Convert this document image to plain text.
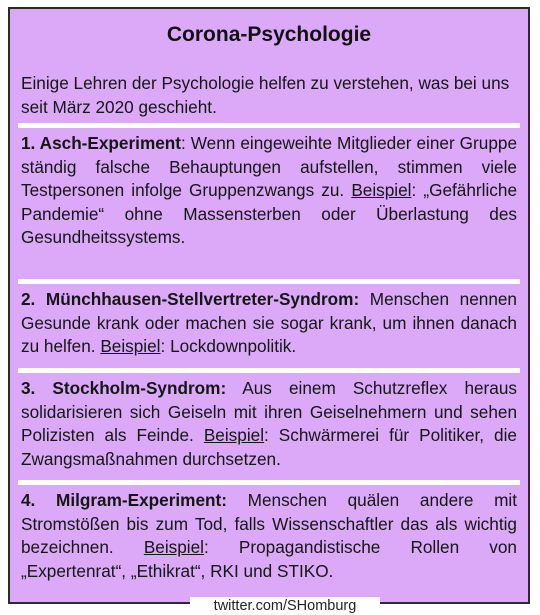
Corona-Psychologie

Einige Lehren der Psychologie helfen zu verstehen, was bei uns seit März 2020 geschieht.

1. Asch-Experiment: Wenn eingeweihte Mitglieder einer Gruppe ständig falsche Behauptungen aufstellen, stimmen viele Testpersonen infolge Gruppenzwangs zu. Beispiel: „Gefährliche Pandemie“ ohne Massensterben oder Überlastung des Gesundheitssystems.

2. Münchhausen-Stellvertreter-Syndrom: Menschen nennen Gesunde krank oder machen sie sogar krank, um ihnen danach zu helfen. Beispiel: Lockdownpolitik.

3. Stockholm-Syndrom: Aus einem Schutzreflex heraus solidarisieren sich Geiseln mit ihren Geiselnehmern und sehen Polizisten als Feinde. Beispiel: Schwärmerei für Politiker, die Zwangsmaßnahmen durchsetzen.

4. Milgram-Experiment: Menschen quälen andere mit Stromstößen bis zum Tod, falls Wissenschaftler das als wichtig bezeichnen. Beispiel: Propagandistische Rollen von „Expertenrat“, „Ethikrat“, RKI und STIKO.

twitter.com/SHomburg
